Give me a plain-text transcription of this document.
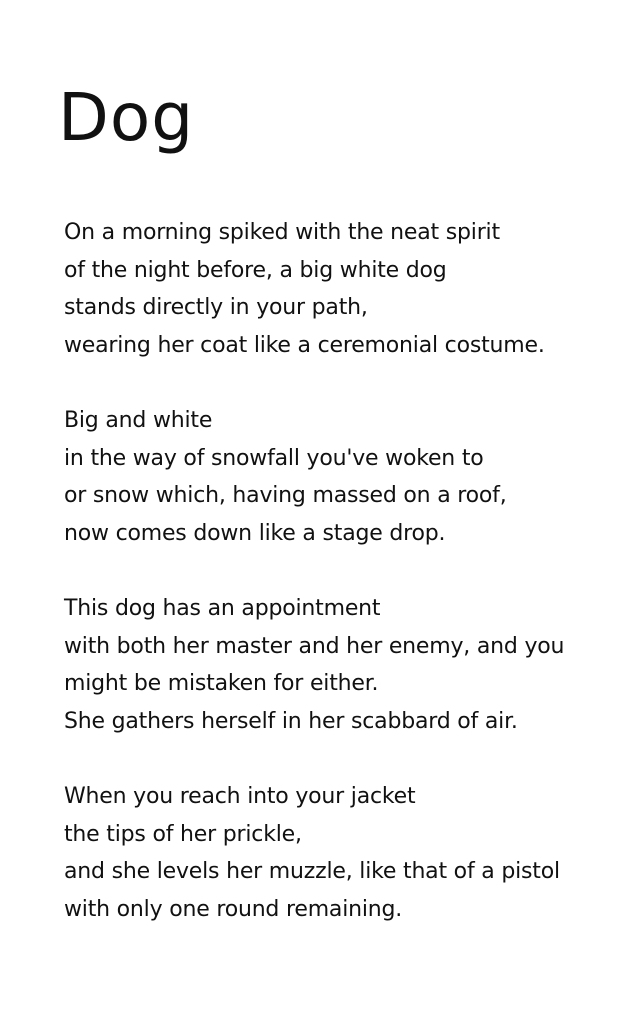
Dog
On a morning spiked with the neat spirit
of the night before, a big white dog
stands directly in your path,
wearing her coat like a ceremonial costume.
Big and white
in the way of snowfall you've woken to
or snow which, having massed on a roof,
now comes down like a stage drop.
This dog has an appointment
with both her master and her enemy, and you
might be mistaken for either.
She gathers herself in her scabbard of air.
When you reach into your jacket
the tips of her prickle,
and she levels her muzzle, like that of a pistol
with only one round remaining.
